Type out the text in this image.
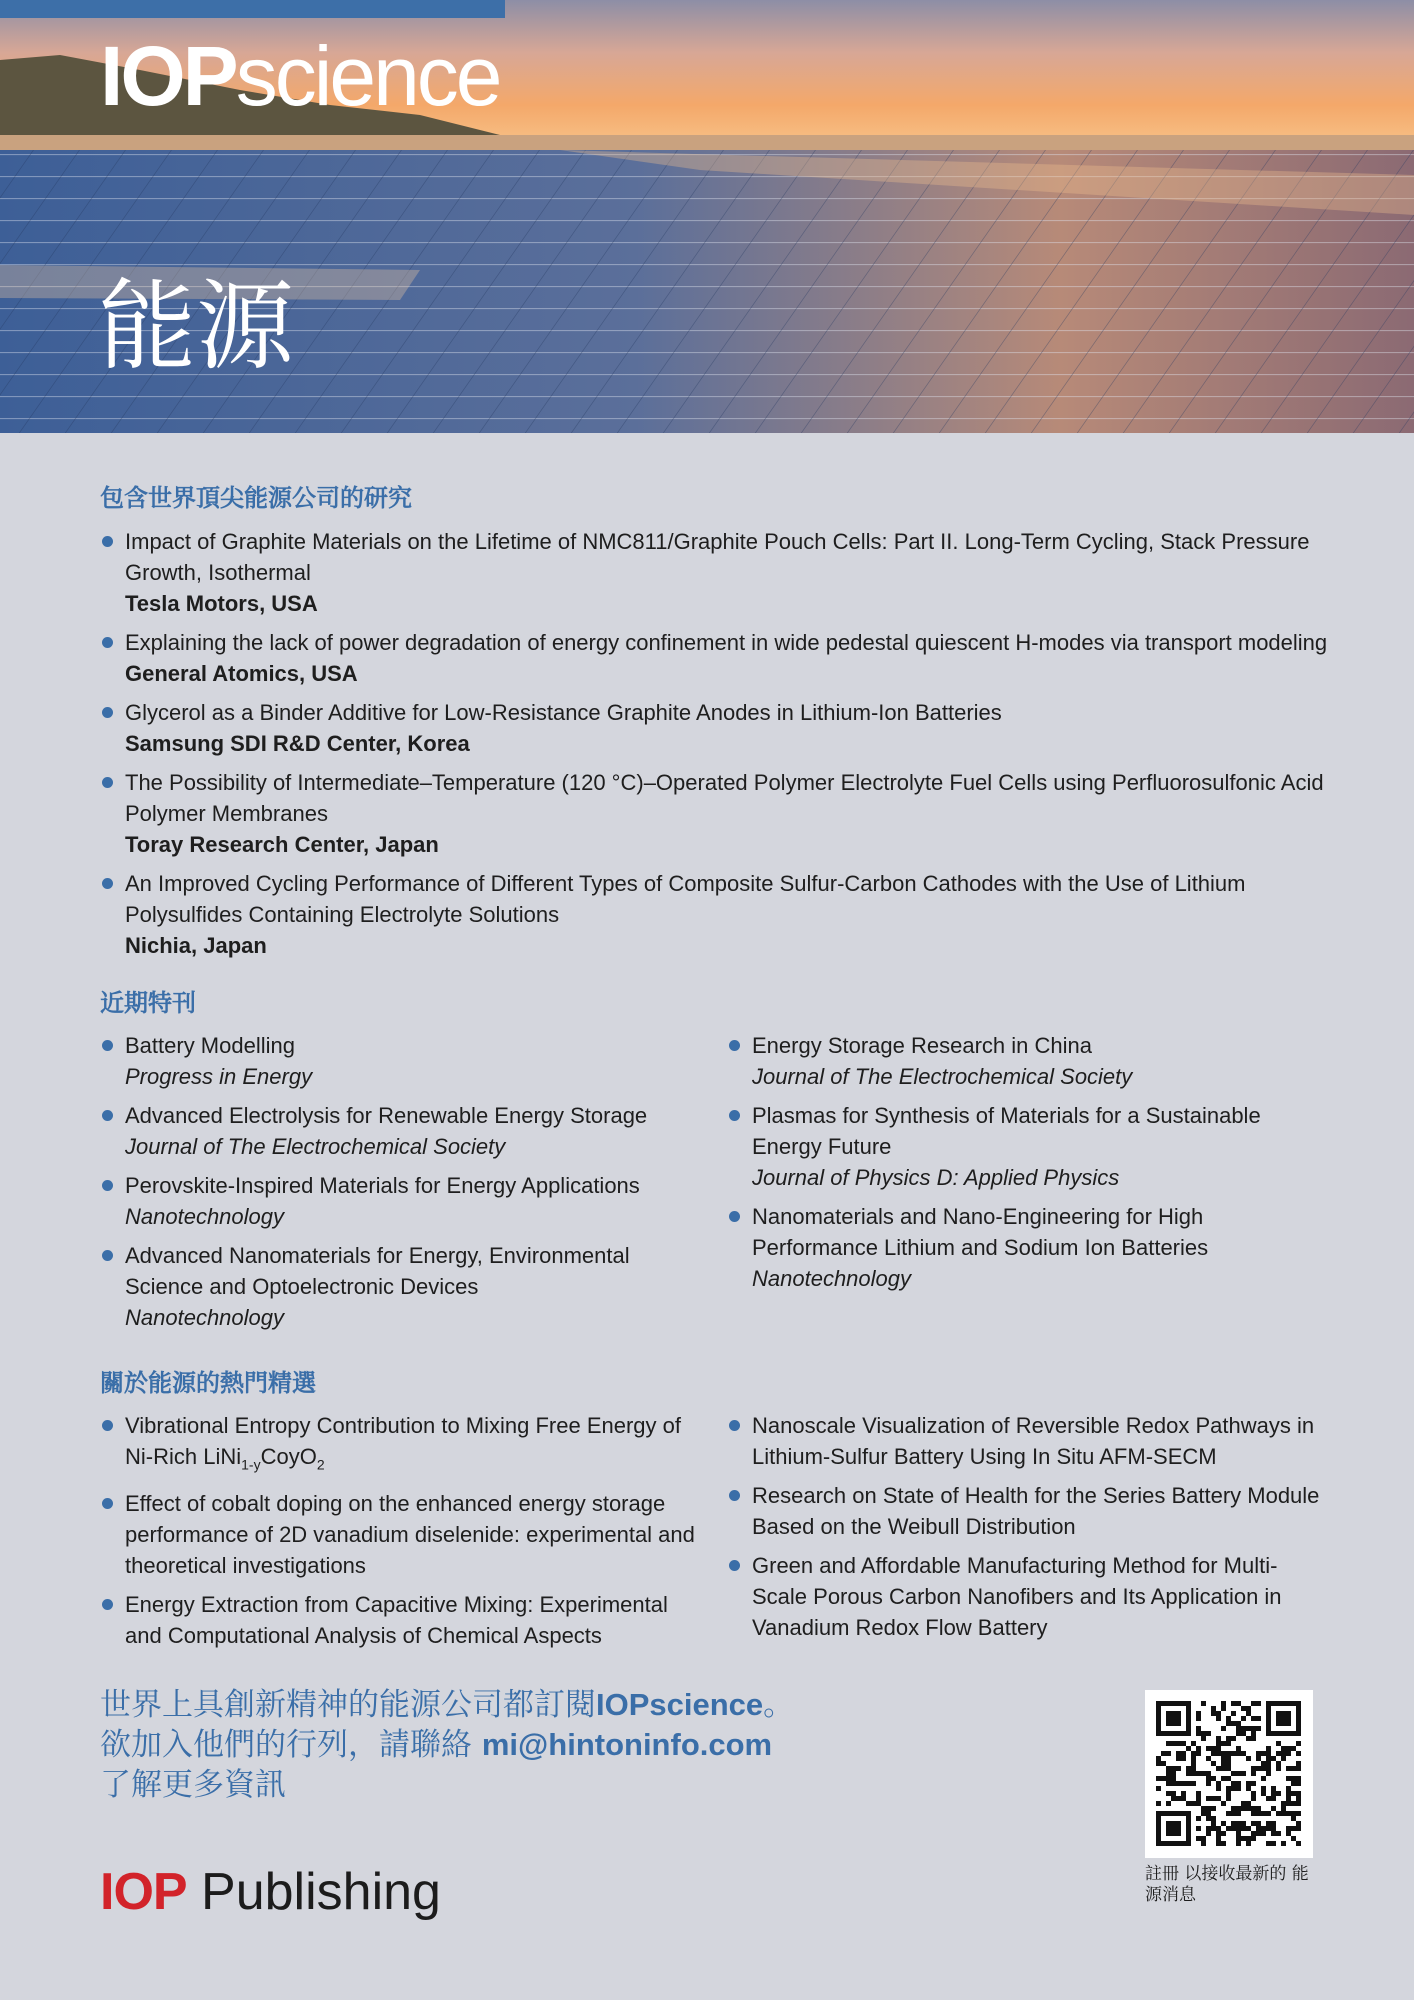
IOPscience
能源
包含世界頂尖能源公司的研究
Impact of Graphite Materials on the Lifetime of NMC811/Graphite Pouch Cells: Part II. Long-Term Cycling, Stack Pressure Growth, Isothermal
Tesla Motors, USA
Explaining the lack of power degradation of energy confinement in wide pedestal quiescent H-modes via transport modeling
General Atomics, USA
Glycerol as a Binder Additive for Low-Resistance Graphite Anodes in Lithium-Ion Batteries
Samsung SDI R&D Center, Korea
The Possibility of Intermediate–Temperature (120 °C)–Operated Polymer Electrolyte Fuel Cells using Perfluorosulfonic Acid Polymer Membranes
Toray Research Center, Japan
An Improved Cycling Performance of Different Types of Composite Sulfur-Carbon Cathodes with the Use of Lithium Polysulfides Containing Electrolyte Solutions
Nichia, Japan
近期特刊
Battery Modelling
Progress in Energy
Advanced Electrolysis for Renewable Energy Storage
Journal of The Electrochemical Society
Perovskite-Inspired Materials for Energy Applications
Nanotechnology
Advanced Nanomaterials for Energy, Environmental Science and Optoelectronic Devices
Nanotechnology
Energy Storage Research in China
Journal of The Electrochemical Society
Plasmas for Synthesis of Materials for a Sustainable Energy Future
Journal of Physics D: Applied Physics
Nanomaterials and Nano-Engineering for High Performance Lithium and Sodium Ion Batteries
Nanotechnology
關於能源的熱門精選
Vibrational Entropy Contribution to Mixing Free Energy of Ni-Rich LiNi$_{1-y}$CoyO$_2$
Effect of cobalt doping on the enhanced energy storage performance of 2D vanadium diselenide: experimental and theoretical investigations
Energy Extraction from Capacitive Mixing: Experimental and Computational Analysis of Chemical Aspects
Nanoscale Visualization of Reversible Redox Pathways in Lithium-Sulfur Battery Using In Situ AFM-SECM
Research on State of Health for the Series Battery Module Based on the Weibull Distribution
Green and Affordable Manufacturing Method for Multi-Scale Porous Carbon Nanofibers and Its Application in Vanadium Redox Flow Battery
世界上具創新精神的能源公司都訂閱IOPscience。
欲加入他們的行列，請聯絡 mi@hintoninfo.com
了解更多資訊
IOP Publishing	註冊 以接收最新的 能源消息
